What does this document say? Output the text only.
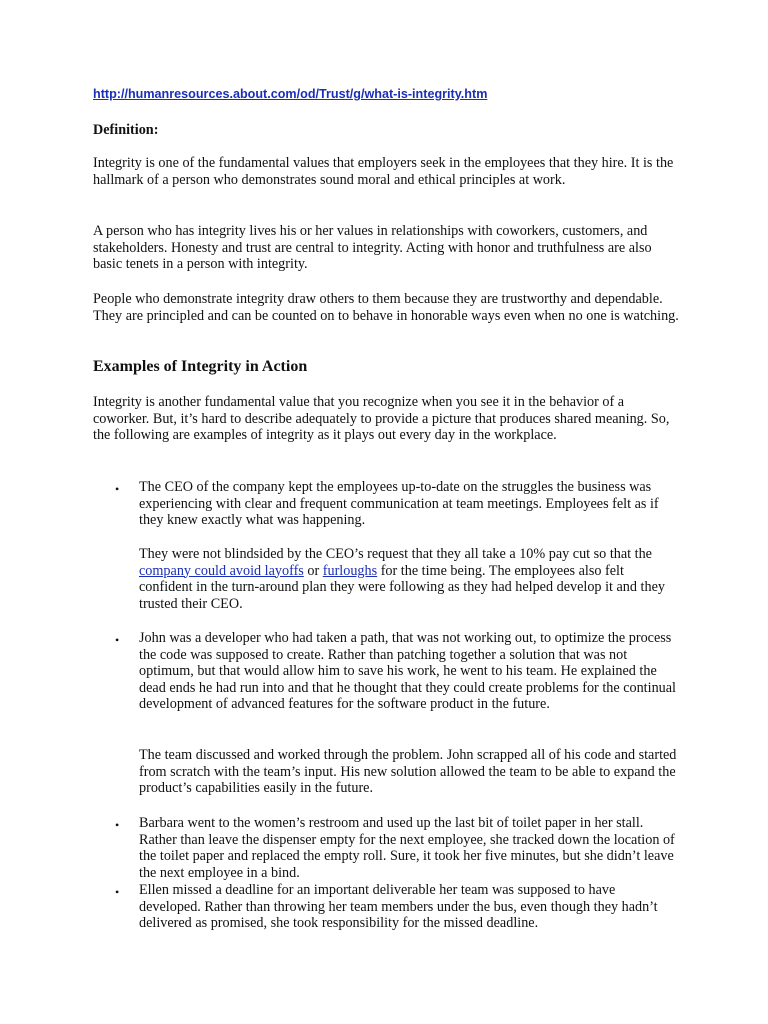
http://humanresources.about.com/od/Trust/g/what-is-integrity.htm
Definition:

Integrity is one of the fundamental values that employers seek in the employees that they hire. It is the hallmark of a person who demonstrates sound moral and ethical principles at work.

A person who has integrity lives his or her values in relationships with coworkers, customers, and stakeholders. Honesty and trust are central to integrity. Acting with honor and truthfulness are also basic tenets in a person with integrity.

People who demonstrate integrity draw others to them because they are trustworthy and dependable. They are principled and can be counted on to behave in honorable ways even when no one is watching.

Examples of Integrity in Action

Integrity is another fundamental value that you recognize when you see it in the behavior of a coworker. But, it’s hard to describe adequately to provide a picture that produces shared meaning. So, the following are examples of integrity as it plays out every day in the workplace.

• The CEO of the company kept the employees up-to-date on the struggles the business was experiencing with clear and frequent communication at team meetings. Employees felt as if they knew exactly what was happening.

They were not blindsided by the CEO’s request that they all take a 10% pay cut so that the company could avoid layoffs or furloughs for the time being. The employees also felt confident in the turn-around plan they were following as they had helped develop it and they trusted their CEO.

• John was a developer who had taken a path, that was not working out, to optimize the process the code was supposed to create. Rather than patching together a solution that was not optimum, but that would allow him to save his work, he went to his team. He explained the dead ends he had run into and that he thought that they could create problems for the continual development of advanced features for the software product in the future.

The team discussed and worked through the problem. John scrapped all of his code and started from scratch with the team’s input. His new solution allowed the team to be able to expand the product’s capabilities easily in the future.

• Barbara went to the women’s restroom and used up the last bit of toilet paper in her stall. Rather than leave the dispenser empty for the next employee, she tracked down the location of the toilet paper and replaced the empty roll. Sure, it took her five minutes, but she didn’t leave the next employee in a bind.

• Ellen missed a deadline for an important deliverable her team was supposed to have developed. Rather than throwing her team members under the bus, even though they hadn’t delivered as promised, she took responsibility for the missed deadline.
